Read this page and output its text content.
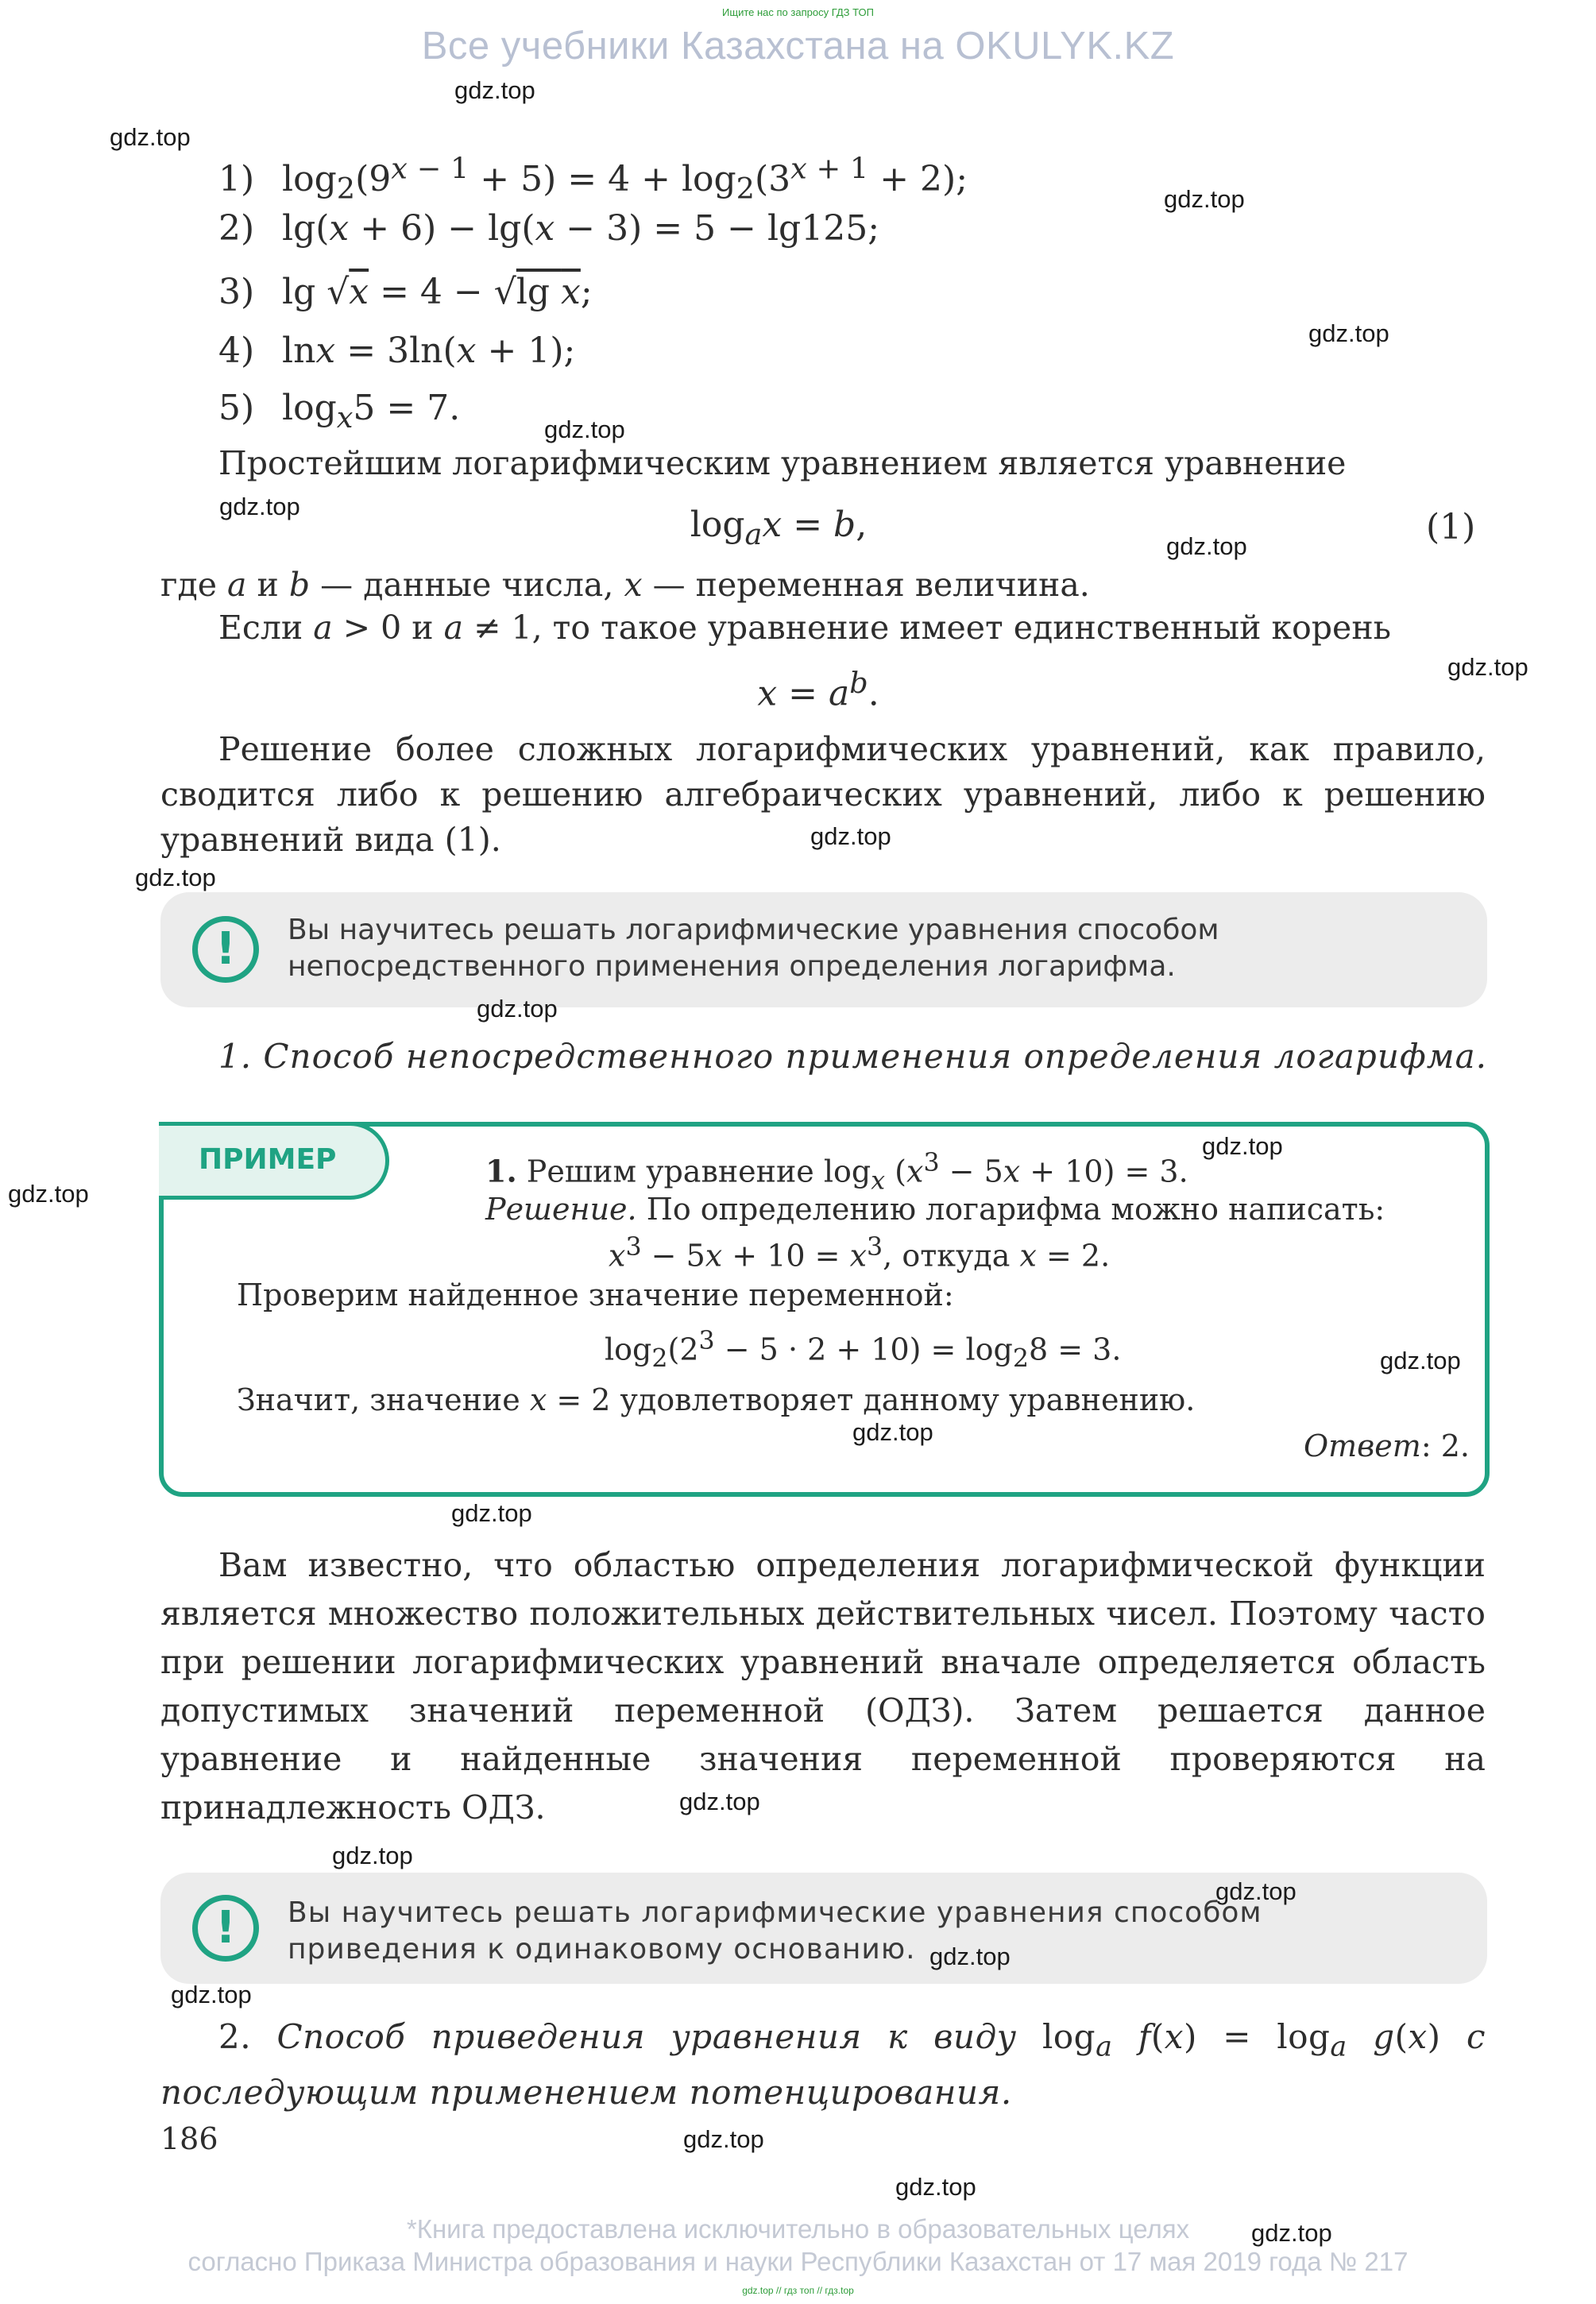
Ищите нас по запросу ГДЗ ТОП
Все учебники Казахстана на OKULYK.KZ
1) $\log_2(9^{x - 1} + 5) = 4 + \log_2(3^{x + 1} + 2)$;
2) lg(x + 6) − lg(x − 3) = 5 − lg125;
3) lg √x = 4 − √lg x;
4) lnx = 3ln(x + 1);
5) $\log_x5 = 7$.
Простейшим логарифмическим уравнением является уравнение
$\log_ax = b$,	(1)
где a и b — данные числа, x — переменная величина.
Если a > 0 и a ≠ 1, то такое уравнение имеет единственный корень
$x = a^b$.
Решение более сложных логарифмических уравнений, как правило, сводится либо к решению алгебраических уравнений, либо к решению уравнений вида (1).
!	Вы научитесь решать логарифмические уравнения способом непосредственного применения определения логарифма.
1. Способ непосредственного применения определения логарифма.
ПРИМЕР	1. Решим уравнение $\log_x (x^3 - 5x + 10) = 3$.
Решение. По определению логарифма можно написать:
$x^3 - 5x + 10 = x^3$, откуда x = 2.
Проверим найденное значение переменной:
$\log_2(2^3 - 5 \cdot 2 + 10) = \log_28 = 3$.
Значит, значение x = 2 удовлетворяет данному уравнению.
Ответ: 2.
Вам известно, что областью определения логарифмической функции является множество положительных действительных чисел. Поэтому часто при решении логарифмических уравнений вначале определяется область допустимых значений переменной (ОДЗ). Затем решается данное уравнение и найденные значения переменной проверяются на принадлежность ОДЗ.
!	Вы научитесь решать логарифмические уравнения способом приведения к одинаковому основанию.
2. Способ приведения уравнения к виду $\log_a f(x) = \log_a g(x)$ с последующим применением потенцирования.
186
*Книга предоставлена исключительно в образовательных целях
согласно Приказа Министра образования и науки Республики Казахстан от 17 мая 2019 года № 217
gdz.top // гдз топ // гдз.top
gdz.top
gdz.top
gdz.top
gdz.top
gdz.top
gdz.top
gdz.top
gdz.top
gdz.top
gdz.top
gdz.top
gdz.top
gdz.top
gdz.top
gdz.top
gdz.top
gdz.top
gdz.top
gdz.top
gdz.top
gdz.top
gdz.top
gdz.top
gdz.top
